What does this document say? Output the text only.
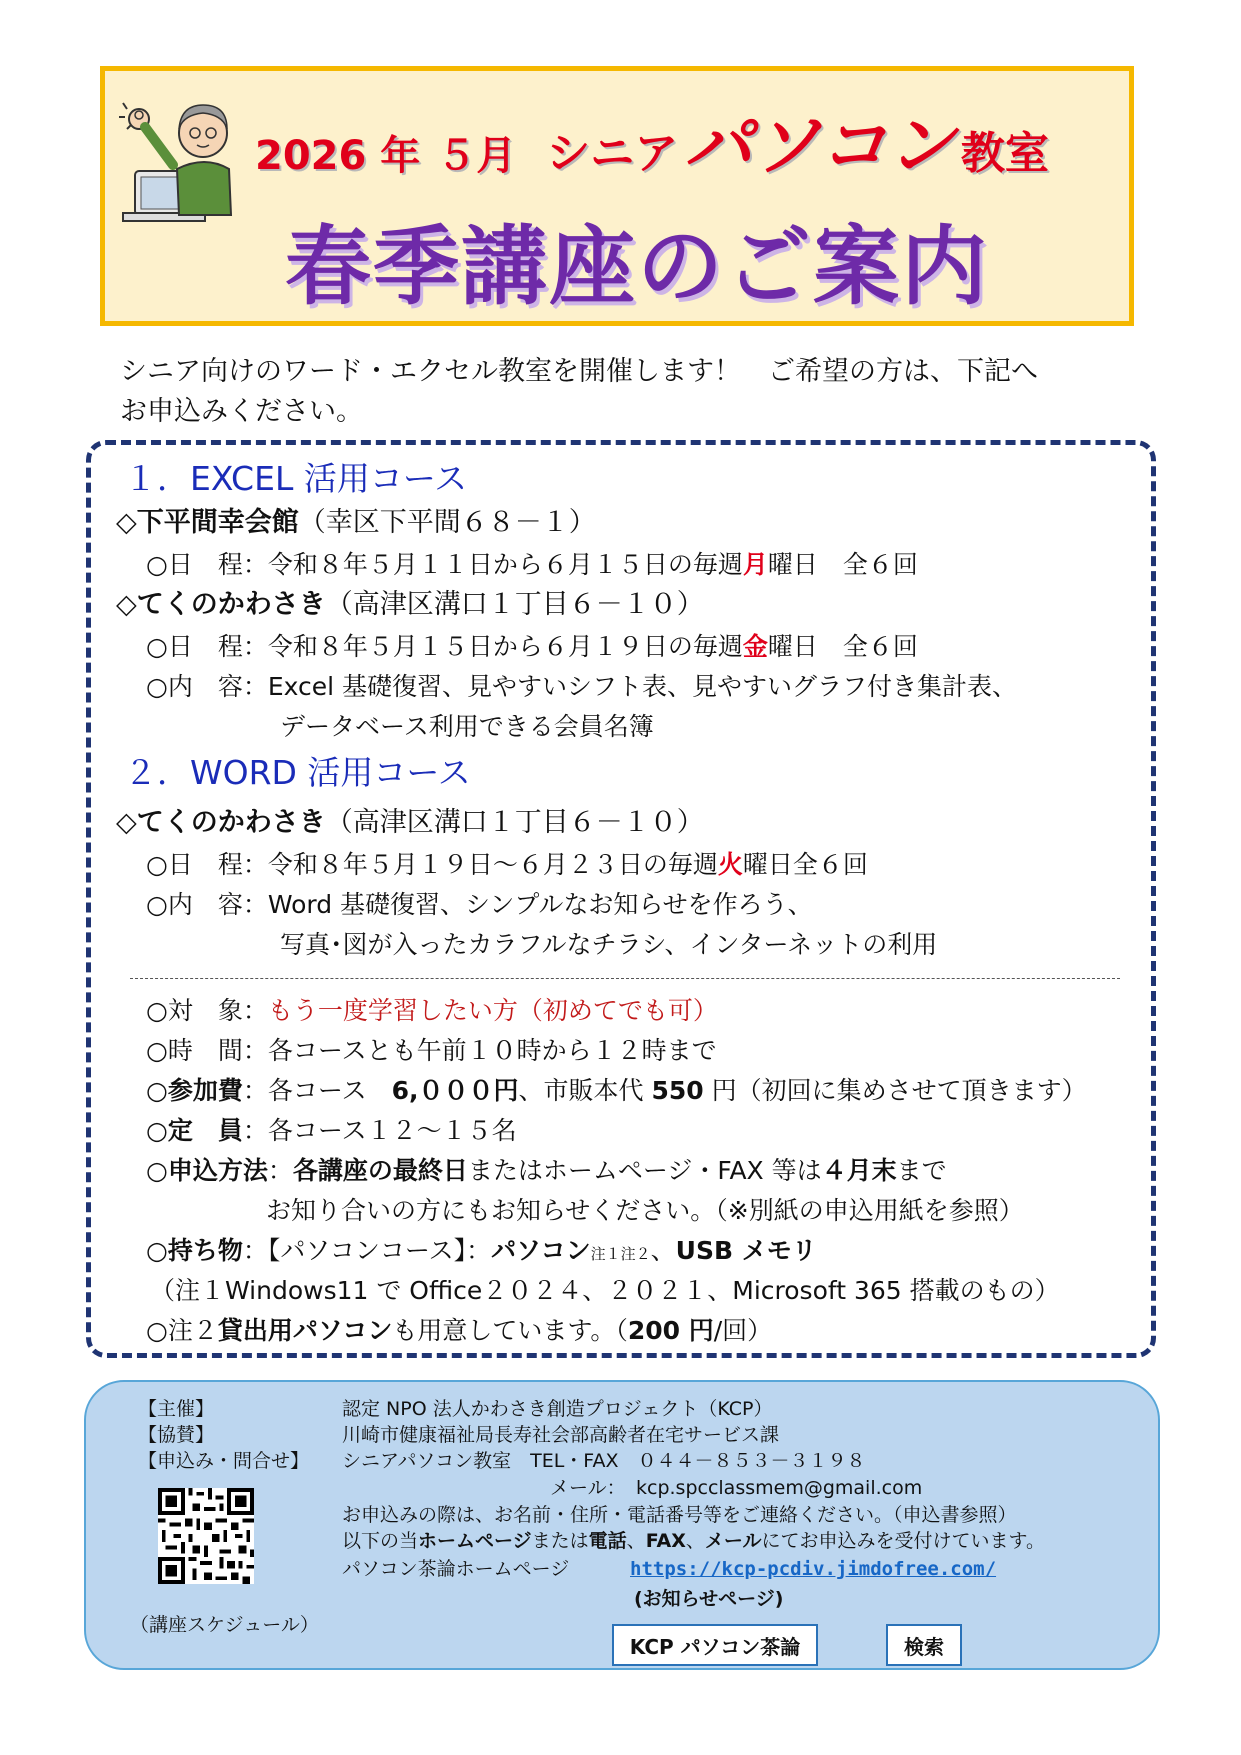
2026 年 ５月 シニア パソコン 教室
春季講座のご案内
シニア向けのワード・エクセル教室を開催します！　ご希望の方は、下記へ
お申込みください。
１．EXCEL 活用コース
◇下平間幸会館（幸区下平間６８－１）
○日　程：令和８年５月１１日から６月１５日の毎週月曜日　全６回
◇てくのかわさき（高津区溝口１丁目６－１０）
○日　程：令和８年５月１５日から６月１９日の毎週金曜日　全６回
○内　容：Excel 基礎復習、見やすいシフト表、見やすいグラフ付き集計表、
データベース利用できる会員名簿
２．WORD 活用コース
◇てくのかわさき（高津区溝口１丁目６－１０）
○日　程：令和８年５月１９日～６月２３日の毎週火曜日全６回
○内　容：Word 基礎復習、シンプルなお知らせを作ろう、
写真･図が入ったカラフルなチラシ、インターネットの利用
○対　象：もう一度学習したい方（初めてでも可）
○時　間：各コースとも午前１０時から１２時まで
○参加費：各コース　6,０００円、市販本代 550 円（初回に集めさせて頂きます）
○定　員：各コース１２～１５名
○申込方法：各講座の最終日またはホームページ・FAX 等は４月末まで
お知り合いの方にもお知らせください。（※別紙の申込用紙を参照）
○持ち物：【パソコンコース】：パソコン注１注２、USB メモリ
（注１Windows11 で Office２０２４、２０２１、Microsoft 365 搭載のもの）
○注２貸出用パソコンも用意しています。（200 円/回）
【主催】	認定 NPO 法人かわさき創造プロジェクト（KCP）
【協賛】	川崎市健康福祉局長寿社会部高齢者在宅サービス課
【申込み・問合せ】 シニアパソコン教室　TEL・FAX　０４４－８５３－３１９８
メール： kcp.spcclassmem@gmail.com
お申込みの際は、お名前・住所・電話番号等をご連絡ください。（申込書参照）
以下の当ホームページまたは電話、FAX、メールにてお申込みを受付けています。
パソコン茶論ホームページ	https://kcp-pcdiv.jimdofree.com/
(お知らせページ)
（講座スケジュール）
KCP パソコン茶論	検索
